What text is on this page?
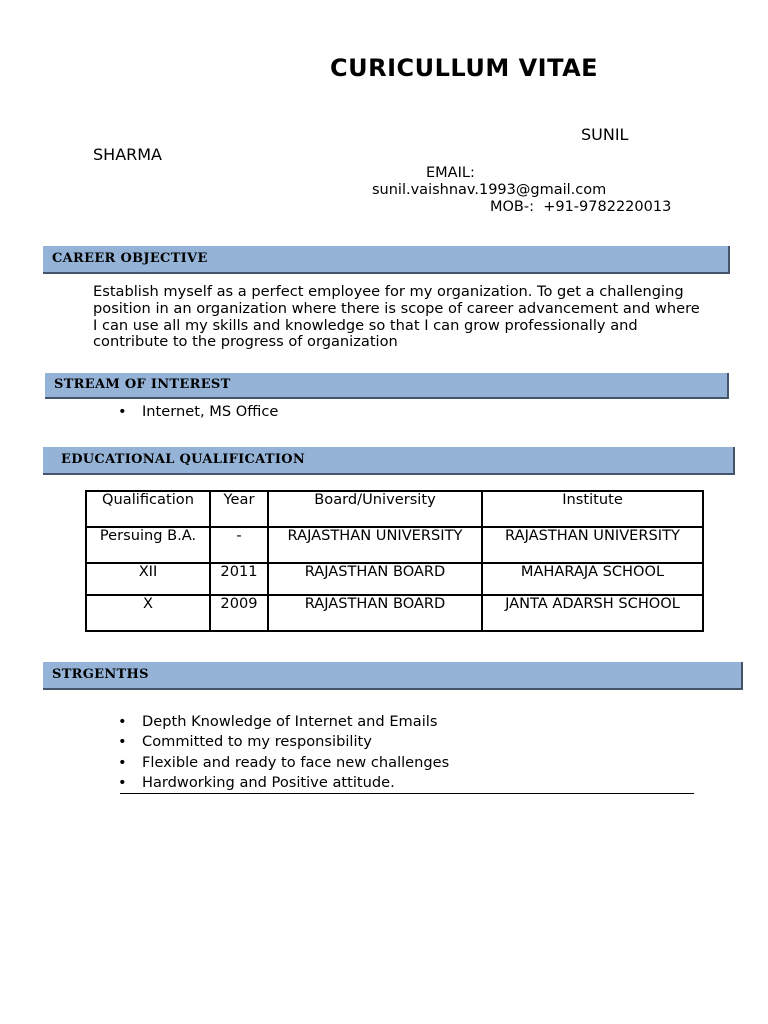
CURICULLUM VITAE
SUNIL
SHARMA
EMAIL:
sunil.vaishnav.1993@gmail.com
MOB-:  +91-9782220013
CAREER OBJECTIVE
Establish myself as a perfect employee for my organization. To get a challenging position in an organization where there is scope of career advancement and where I can use all my skills and knowledge so that I can grow professionally and contribute to the progress of organization
STREAM OF INTEREST
• Internet, MS Office
EDUCATIONAL QUALIFICATION
Qualification	Year	Board/University	Institute
Persuing B.A.	-	RAJASTHAN UNIVERSITY	RAJASTHAN UNIVERSITY
XII	2011	RAJASTHAN BOARD	MAHARAJA SCHOOL
X	2009	RAJASTHAN BOARD	JANTA ADARSH SCHOOL
STRGENTHS
• Depth Knowledge of Internet and Emails
• Committed to my responsibility
• Flexible and ready to face new challenges
• Hardworking and Positive attitude.
